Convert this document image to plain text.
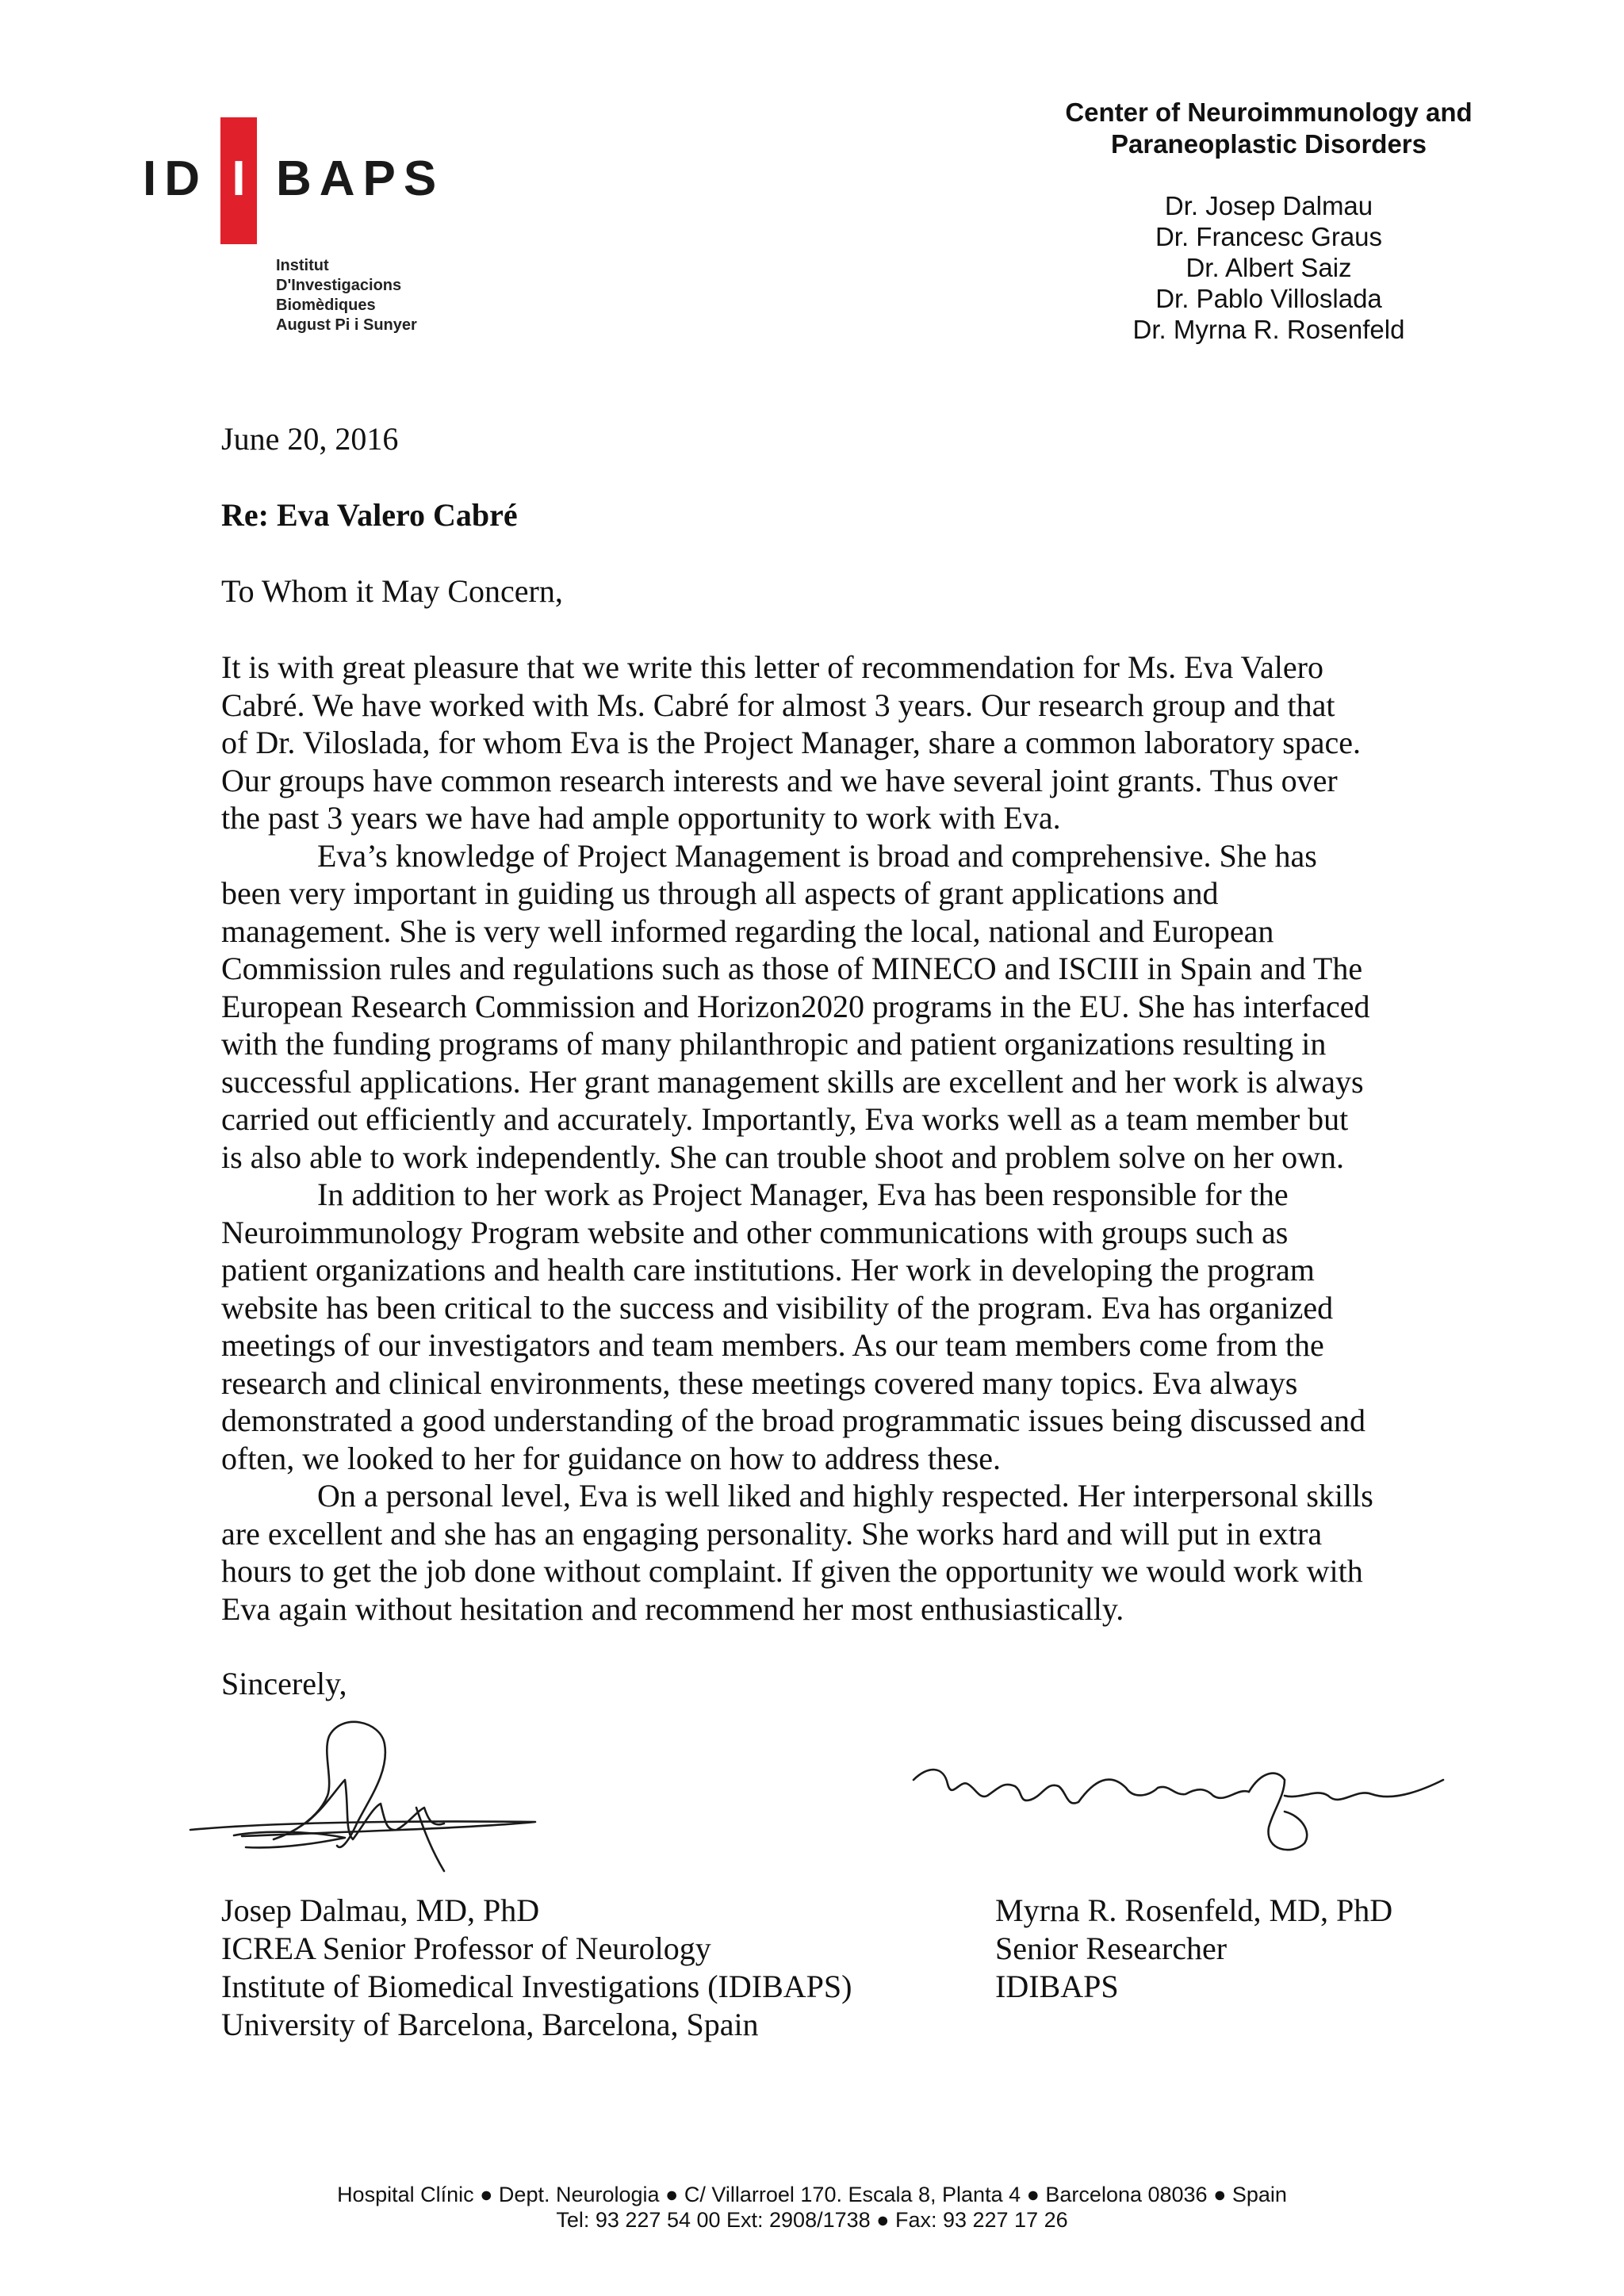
ID I BAPS
Institut
D'Investigacions
Biomèdiques
August Pi i Sunyer
Center of Neuroimmunology and
Paraneoplastic Disorders
Dr. Josep Dalmau
Dr. Francesc Graus
Dr. Albert Saiz
Dr. Pablo Villoslada
Dr. Myrna R. Rosenfeld
June 20, 2016
Re: Eva Valero Cabré
To Whom it May Concern,
It is with great pleasure that we write this letter of recommendation for Ms. Eva Valero
Cabré. We have worked with Ms. Cabré for almost 3 years. Our research group and that
of Dr. Viloslada, for whom Eva is the Project Manager, share a common laboratory space.
Our groups have common research interests and we have several joint grants. Thus over
the past 3 years we have had ample opportunity to work with Eva.
Eva’s knowledge of Project Management is broad and comprehensive. She has
been very important in guiding us through all aspects of grant applications and
management. She is very well informed regarding the local, national and European
Commission rules and regulations such as those of MINECO and ISCIII in Spain and The
European Research Commission and Horizon2020 programs in the EU. She has interfaced
with the funding programs of many philanthropic and patient organizations resulting in
successful applications. Her grant management skills are excellent and her work is always
carried out efficiently and accurately. Importantly, Eva works well as a team member but
is also able to work independently. She can trouble shoot and problem solve on her own.
In addition to her work as Project Manager, Eva has been responsible for the
Neuroimmunology Program website and other communications with groups such as
patient organizations and health care institutions. Her work in developing the program
website has been critical to the success and visibility of the program. Eva has organized
meetings of our investigators and team members. As our team members come from the
research and clinical environments, these meetings covered many topics. Eva always
demonstrated a good understanding of the broad programmatic issues being discussed and
often, we looked to her for guidance on how to address these.
On a personal level, Eva is well liked and highly respected. Her interpersonal skills
are excellent and she has an engaging personality. She works hard and will put in extra
hours to get the job done without complaint. If given the opportunity we would work with
Eva again without hesitation and recommend her most enthusiastically.
Sincerely,
Josep Dalmau, MD, PhD
ICREA Senior Professor of Neurology
Institute of Biomedical Investigations (IDIBAPS)
University of Barcelona, Barcelona, Spain
Myrna R. Rosenfeld, MD, PhD
Senior Researcher
IDIBAPS
Hospital Clínic ● Dept. Neurologia ● C/ Villarroel 170. Escala 8, Planta 4 ● Barcelona 08036 ● Spain
Tel: 93 227 54 00 Ext: 2908/1738 ● Fax: 93 227 17 26
